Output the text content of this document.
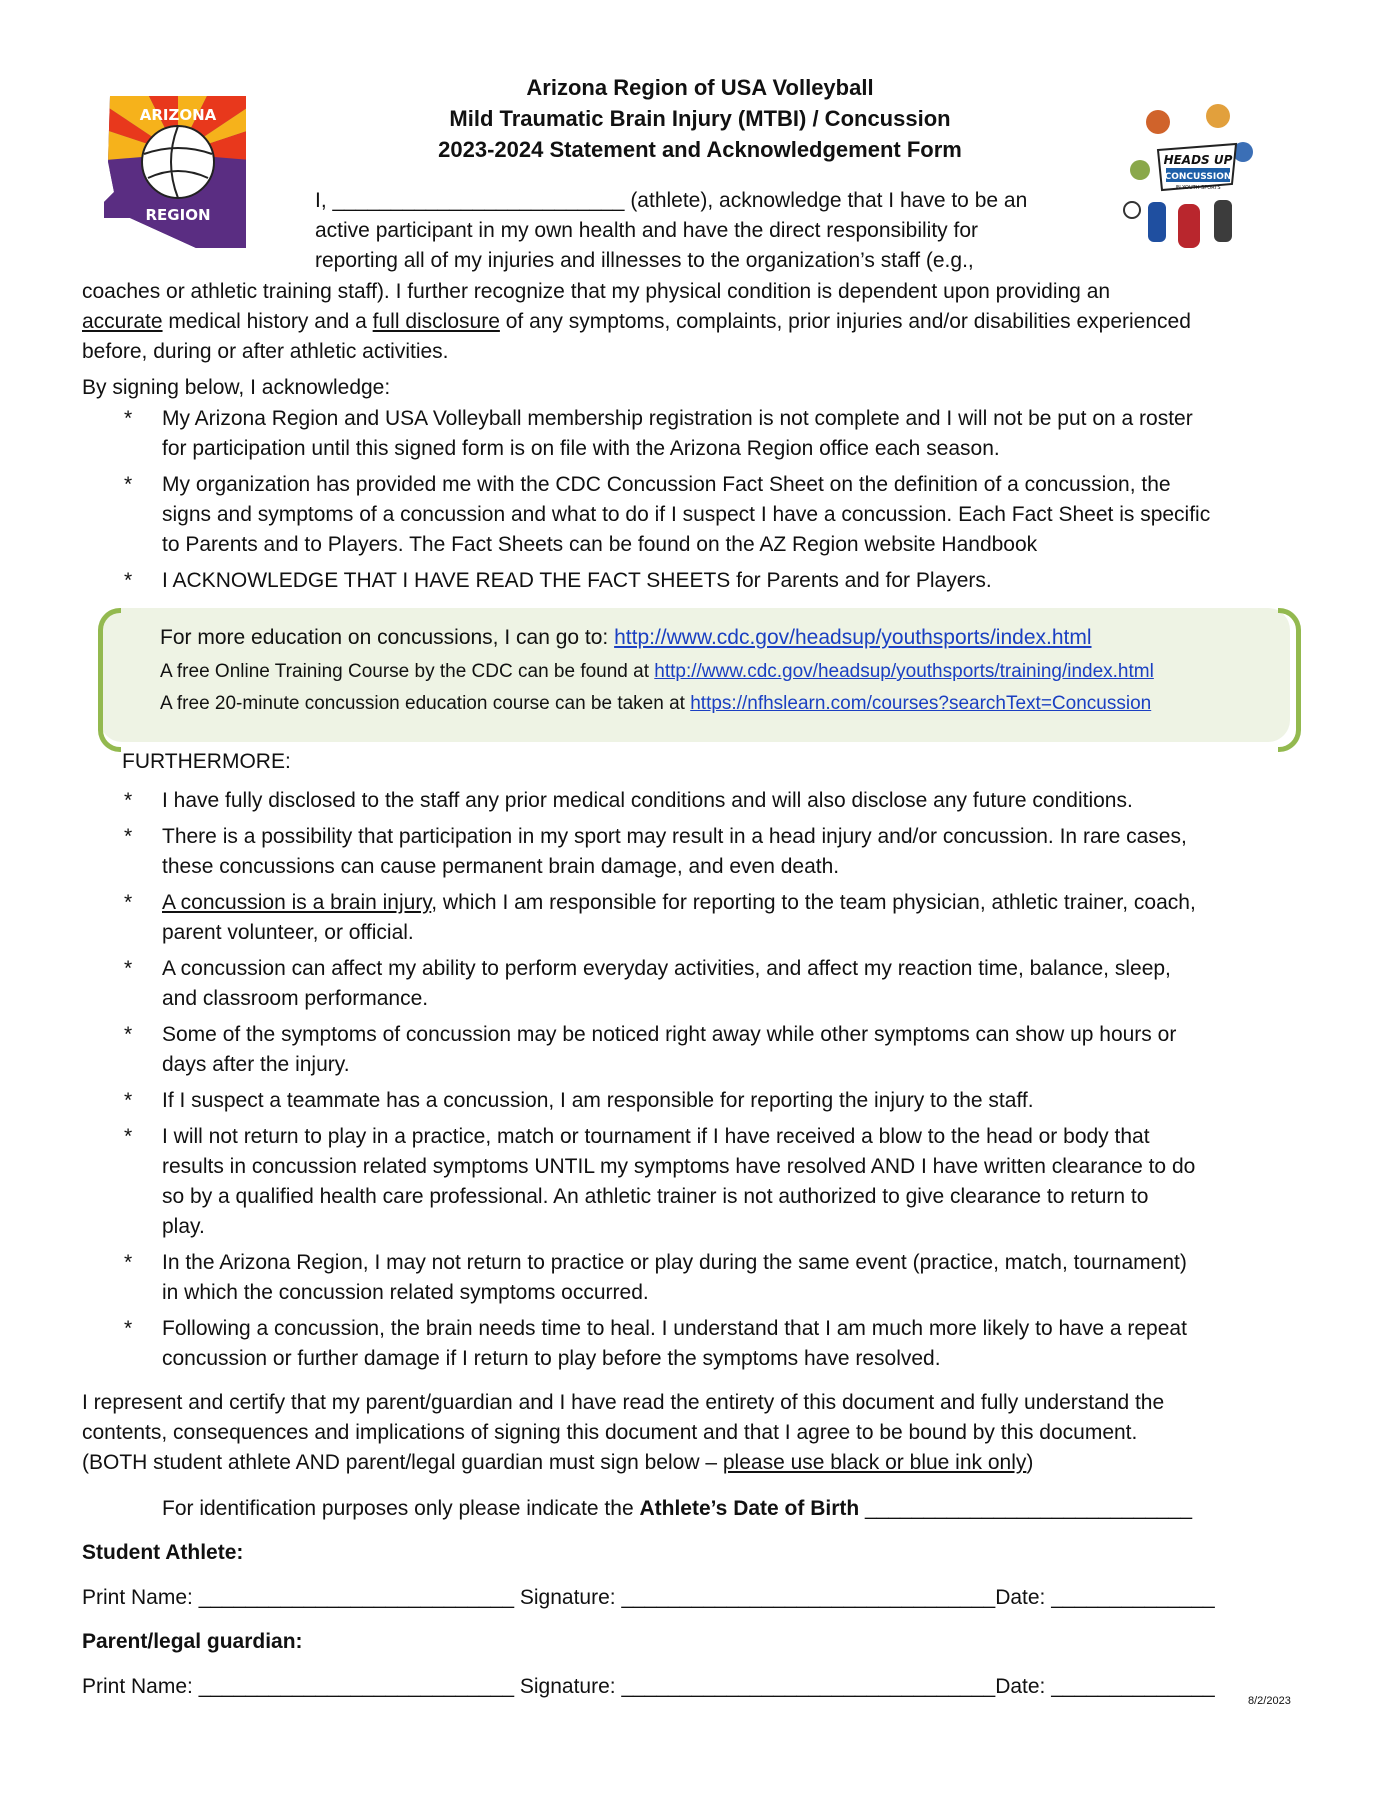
ARIZONA
REGION
HEADS UP
CONCUSSION
IN YOUTH SPORTS
Arizona Region of USA Volleyball
Mild Traumatic Brain Injury (MTBI) / Concussion
2023-2024 Statement and Acknowledgement Form
I, _________________________ (athlete), acknowledge that I have to be an
active participant in my own health and have the direct responsibility for
reporting all of my injuries and illnesses to the organization’s staff (e.g.,
coaches or athletic training staff). I further recognize that my physical condition is dependent upon providing an
accurate medical history and a full disclosure of any symptoms, complaints, prior injuries and/or disabilities experienced
before, during or after athletic activities.
By signing below, I acknowledge:
* My Arizona Region and USA Volleyball membership registration is not complete and I will not be put on a roster
for participation until this signed form is on file with the Arizona Region office each season.
* My organization has provided me with the CDC Concussion Fact Sheet on the definition of a concussion, the
signs and symptoms of a concussion and what to do if I suspect I have a concussion. Each Fact Sheet is specific
to Parents and to Players. The Fact Sheets can be found on the AZ Region website Handbook
* I ACKNOWLEDGE THAT I HAVE READ THE FACT SHEETS for Parents and for Players.
For more education on concussions, I can go to: http://www.cdc.gov/headsup/youthsports/index.html
A free Online Training Course by the CDC can be found at http://www.cdc.gov/headsup/youthsports/training/index.html
A free 20-minute concussion education course can be taken at https://nfhslearn.com/courses?searchText=Concussion
FURTHERMORE:
* I have fully disclosed to the staff any prior medical conditions and will also disclose any future conditions.
* There is a possibility that participation in my sport may result in a head injury and/or concussion. In rare cases,
these concussions can cause permanent brain damage, and even death.
* A concussion is a brain injury, which I am responsible for reporting to the team physician, athletic trainer, coach,
parent volunteer, or official.
* A concussion can affect my ability to perform everyday activities, and affect my reaction time, balance, sleep,
and classroom performance.
* Some of the symptoms of concussion may be noticed right away while other symptoms can show up hours or
days after the injury.
* If I suspect a teammate has a concussion, I am responsible for reporting the injury to the staff.
* I will not return to play in a practice, match or tournament if I have received a blow to the head or body that
results in concussion related symptoms UNTIL my symptoms have resolved AND I have written clearance to do
so by a qualified health care professional. An athletic trainer is not authorized to give clearance to return to
play.
* In the Arizona Region, I may not return to practice or play during the same event (practice, match, tournament)
in which the concussion related symptoms occurred.
* Following a concussion, the brain needs time to heal. I understand that I am much more likely to have a repeat
concussion or further damage if I return to play before the symptoms have resolved.
I represent and certify that my parent/guardian and I have read the entirety of this document and fully understand the
contents, consequences and implications of signing this document and that I agree to be bound by this document.
(BOTH student athlete AND parent/legal guardian must sign below – please use black or blue ink only)
For identification purposes only please indicate the Athlete’s Date of Birth ____________________________
Student Athlete:
Print Name: ___________________________ Signature: ________________________________Date: ______________
Parent/legal guardian:
Print Name: ___________________________ Signature: ________________________________Date: ______________
8/2/2023
